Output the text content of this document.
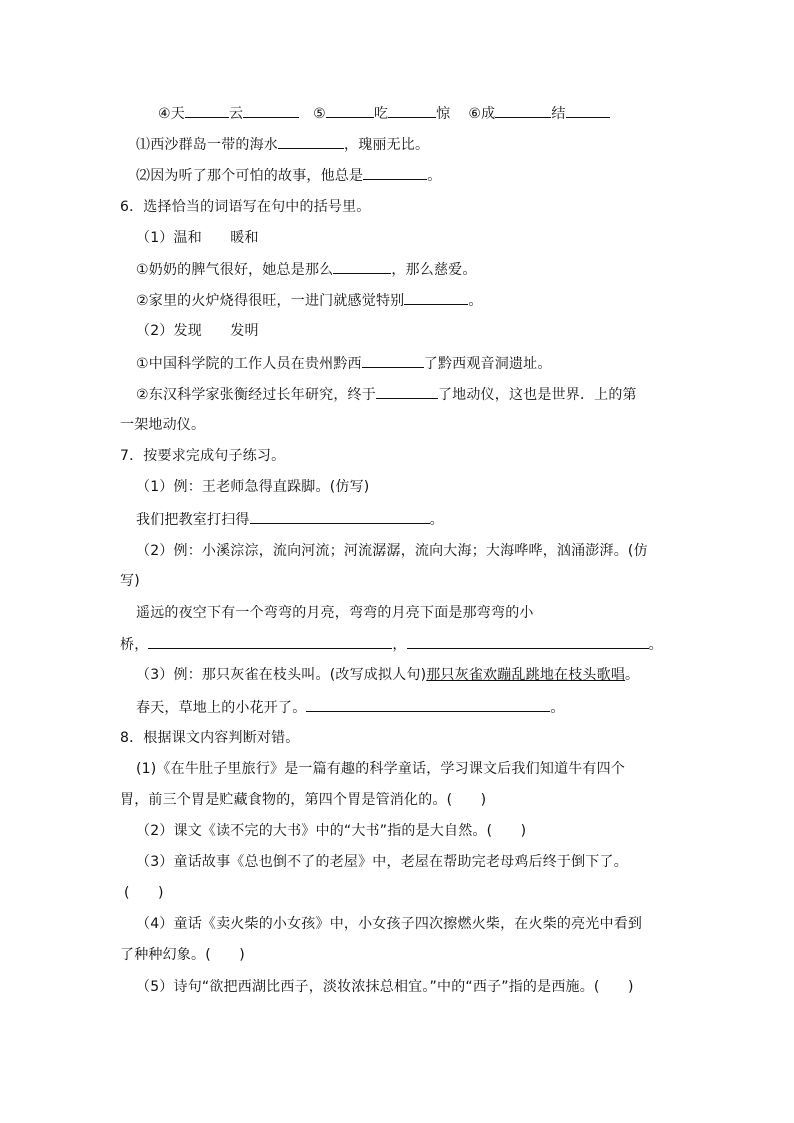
④天	云	⑤	吃	惊 ⑥成	结
⑴西沙群岛一带的海水	，瑰丽无比。
⑵因为听了那个可怕的故事，他总是	。
6．选择恰当的词语写在句中的括号里。
（1）温和　　暖和
①奶奶的脾气很好，她总是那么	，那么慈爱。
②家里的火炉烧得很旺，一进门就感觉特别	。
（2）发现　　发明
①中国科学院的工作人员在贵州黔西	了黔西观音洞遗址。
②东汉科学家张衡经过长年研究，终于	了地动仪，这也是世界．上的第
一架地动仪。
7．按要求完成句子练习。
（1）例：王老师急得直跺脚。(仿写)
我们把教室打扫得	。
（2）例：小溪淙淙，流向河流；河流潺潺，流向大海；大海哗哗，汹涌澎湃。(仿
写)
遥远的夜空下有一个弯弯的月亮，弯弯的月亮下面是那弯弯的小
桥，	，	。
（3）例：那只灰雀在枝头叫。(改写成拟人句)那只灰雀欢蹦乱跳地在枝头歌唱。
春天，草地上的小花开了。	。
8．根据课文内容判断对错。
(1)《在牛肚子里旅行》是一篇有趣的科学童话，学习课文后我们知道牛有四个
胃，前三个胃是贮藏食物的，第四个胃是管消化的。(　　)
（2）课文《读不完的大书》中的“大书”指的是大自然。(　　)
（3）童话故事《总也倒不了的老屋》中，老屋在帮助完老母鸡后终于倒下了。
(　　)
（4）童话《卖火柴的小女孩》中，小女孩子四次擦燃火柴，在火柴的亮光中看到
了种种幻象。(　　)
（5）诗句“欲把西湖比西子，淡妆浓抹总相宜。”中的“西子”指的是西施。(　　)
